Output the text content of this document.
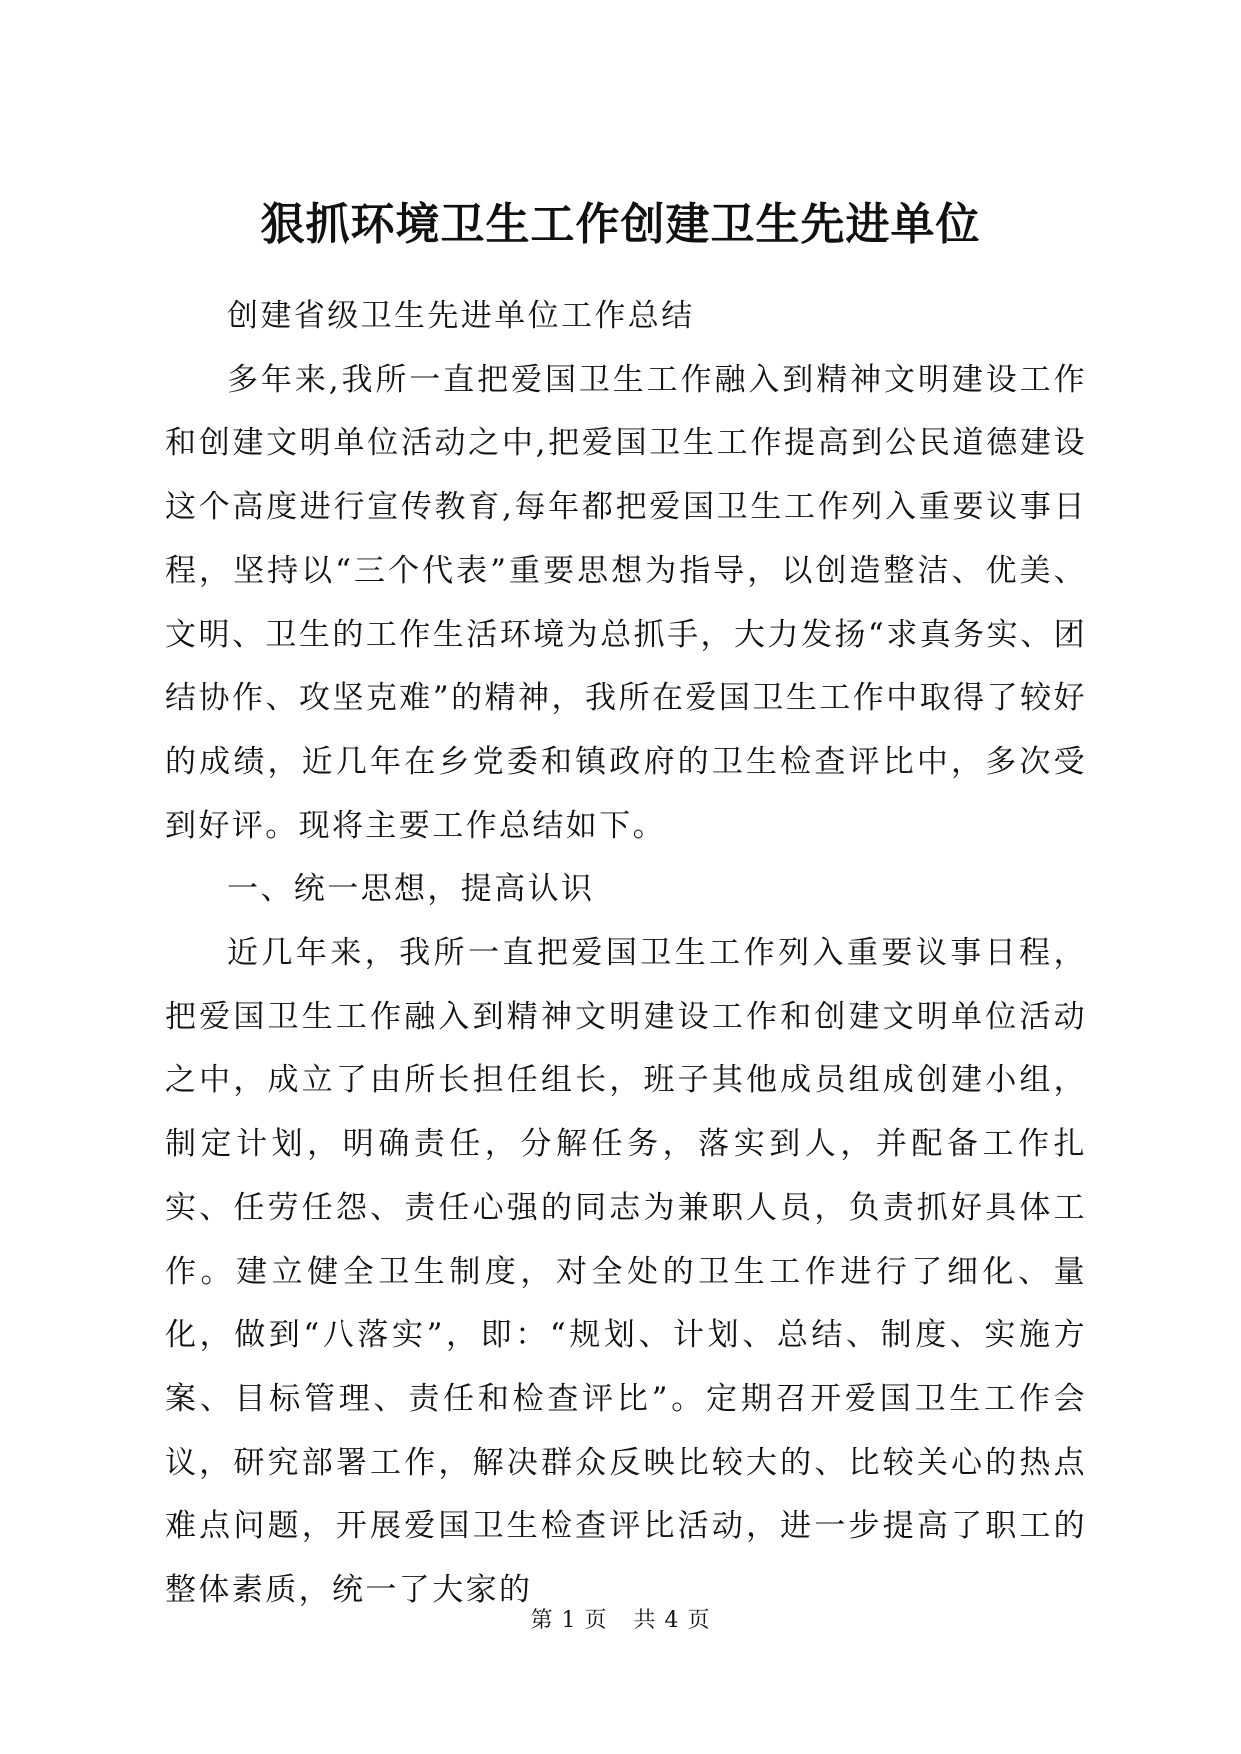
狠抓环境卫生工作创建卫生先进单位

创建省级卫生先进单位工作总结

多年来,我所一直把爱国卫生工作融入到精神文明建设工作和创建文明单位活动之中,把爱国卫生工作提高到公民道德建设这个高度进行宣传教育,每年都把爱国卫生工作列入重要议事日程，坚持以“三个代表”重要思想为指导，以创造整洁、优美、文明、卫生的工作生活环境为总抓手，大力发扬“求真务实、团结协作、攻坚克难”的精神，我所在爱国卫生工作中取得了较好的成绩，近几年在乡党委和镇政府的卫生检查评比中，多次受到好评。现将主要工作总结如下。

一、统一思想，提高认识

近几年来，我所一直把爱国卫生工作列入重要议事日程，把爱国卫生工作融入到精神文明建设工作和创建文明单位活动之中，成立了由所长担任组长，班子其他成员组成创建小组，制定计划，明确责任，分解任务，落实到人，并配备工作扎实、任劳任怨、责任心强的同志为兼职人员，负责抓好具体工作。建立健全卫生制度，对全处的卫生工作进行了细化、量化，做到“八落实”，即：“规划、计划、总结、制度、实施方案、目标管理、责任和检查评比”。定期召开爱国卫生工作会议，研究部署工作，解决群众反映比较大的、比较关心的热点难点问题，开展爱国卫生检查评比活动，进一步提高了职工的整体素质，统一了大家的

第 1 页 共 4 页
